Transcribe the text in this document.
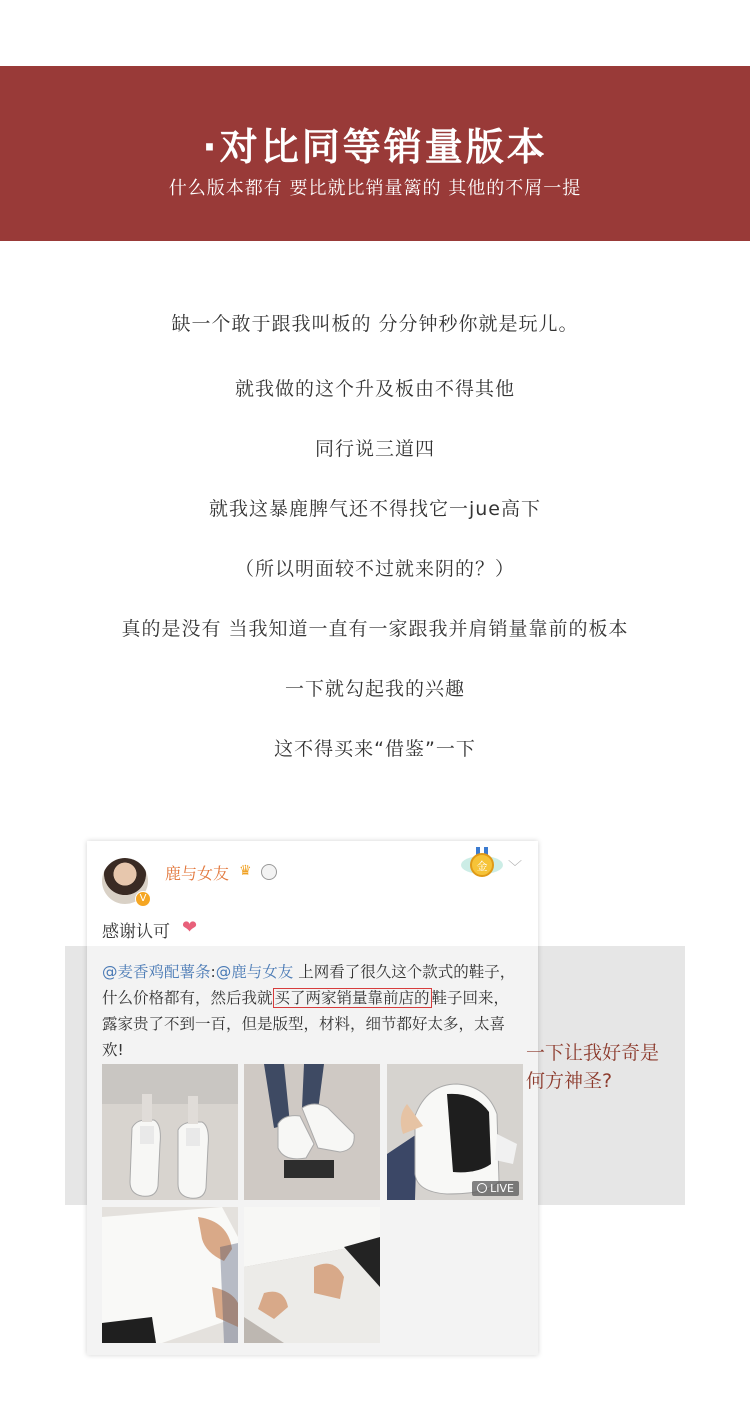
·对比同等销量版本
什么版本都有 要比就比销量篱的 其他的不屑一提
缺一个敢于跟我叫板的 分分钟秒你就是玩儿。
就我做的这个升及板由不得其他
同行说三道四
就我这暴鹿脾气还不得找它一jue高下
（所以明面较不过就来阴的？）
真的是没有 当我知道一直有一家跟我并肩销量靠前的板本
一下就勾起我的兴趣
这不得买来“借鉴”一下
V
鹿与女友 ♛	金 ﹀
感谢认可 ❤
@麦香鸡配薯条:@鹿与女友 上网看了很久这个款式的鞋子，什么价格都有，然后我就 买了两家销量靠前店的 鞋子回来，露家贵了不到一百，但是版型，材料，细节都好太多，太喜欢!
LIVE
一下让我好奇是
何方神圣?
